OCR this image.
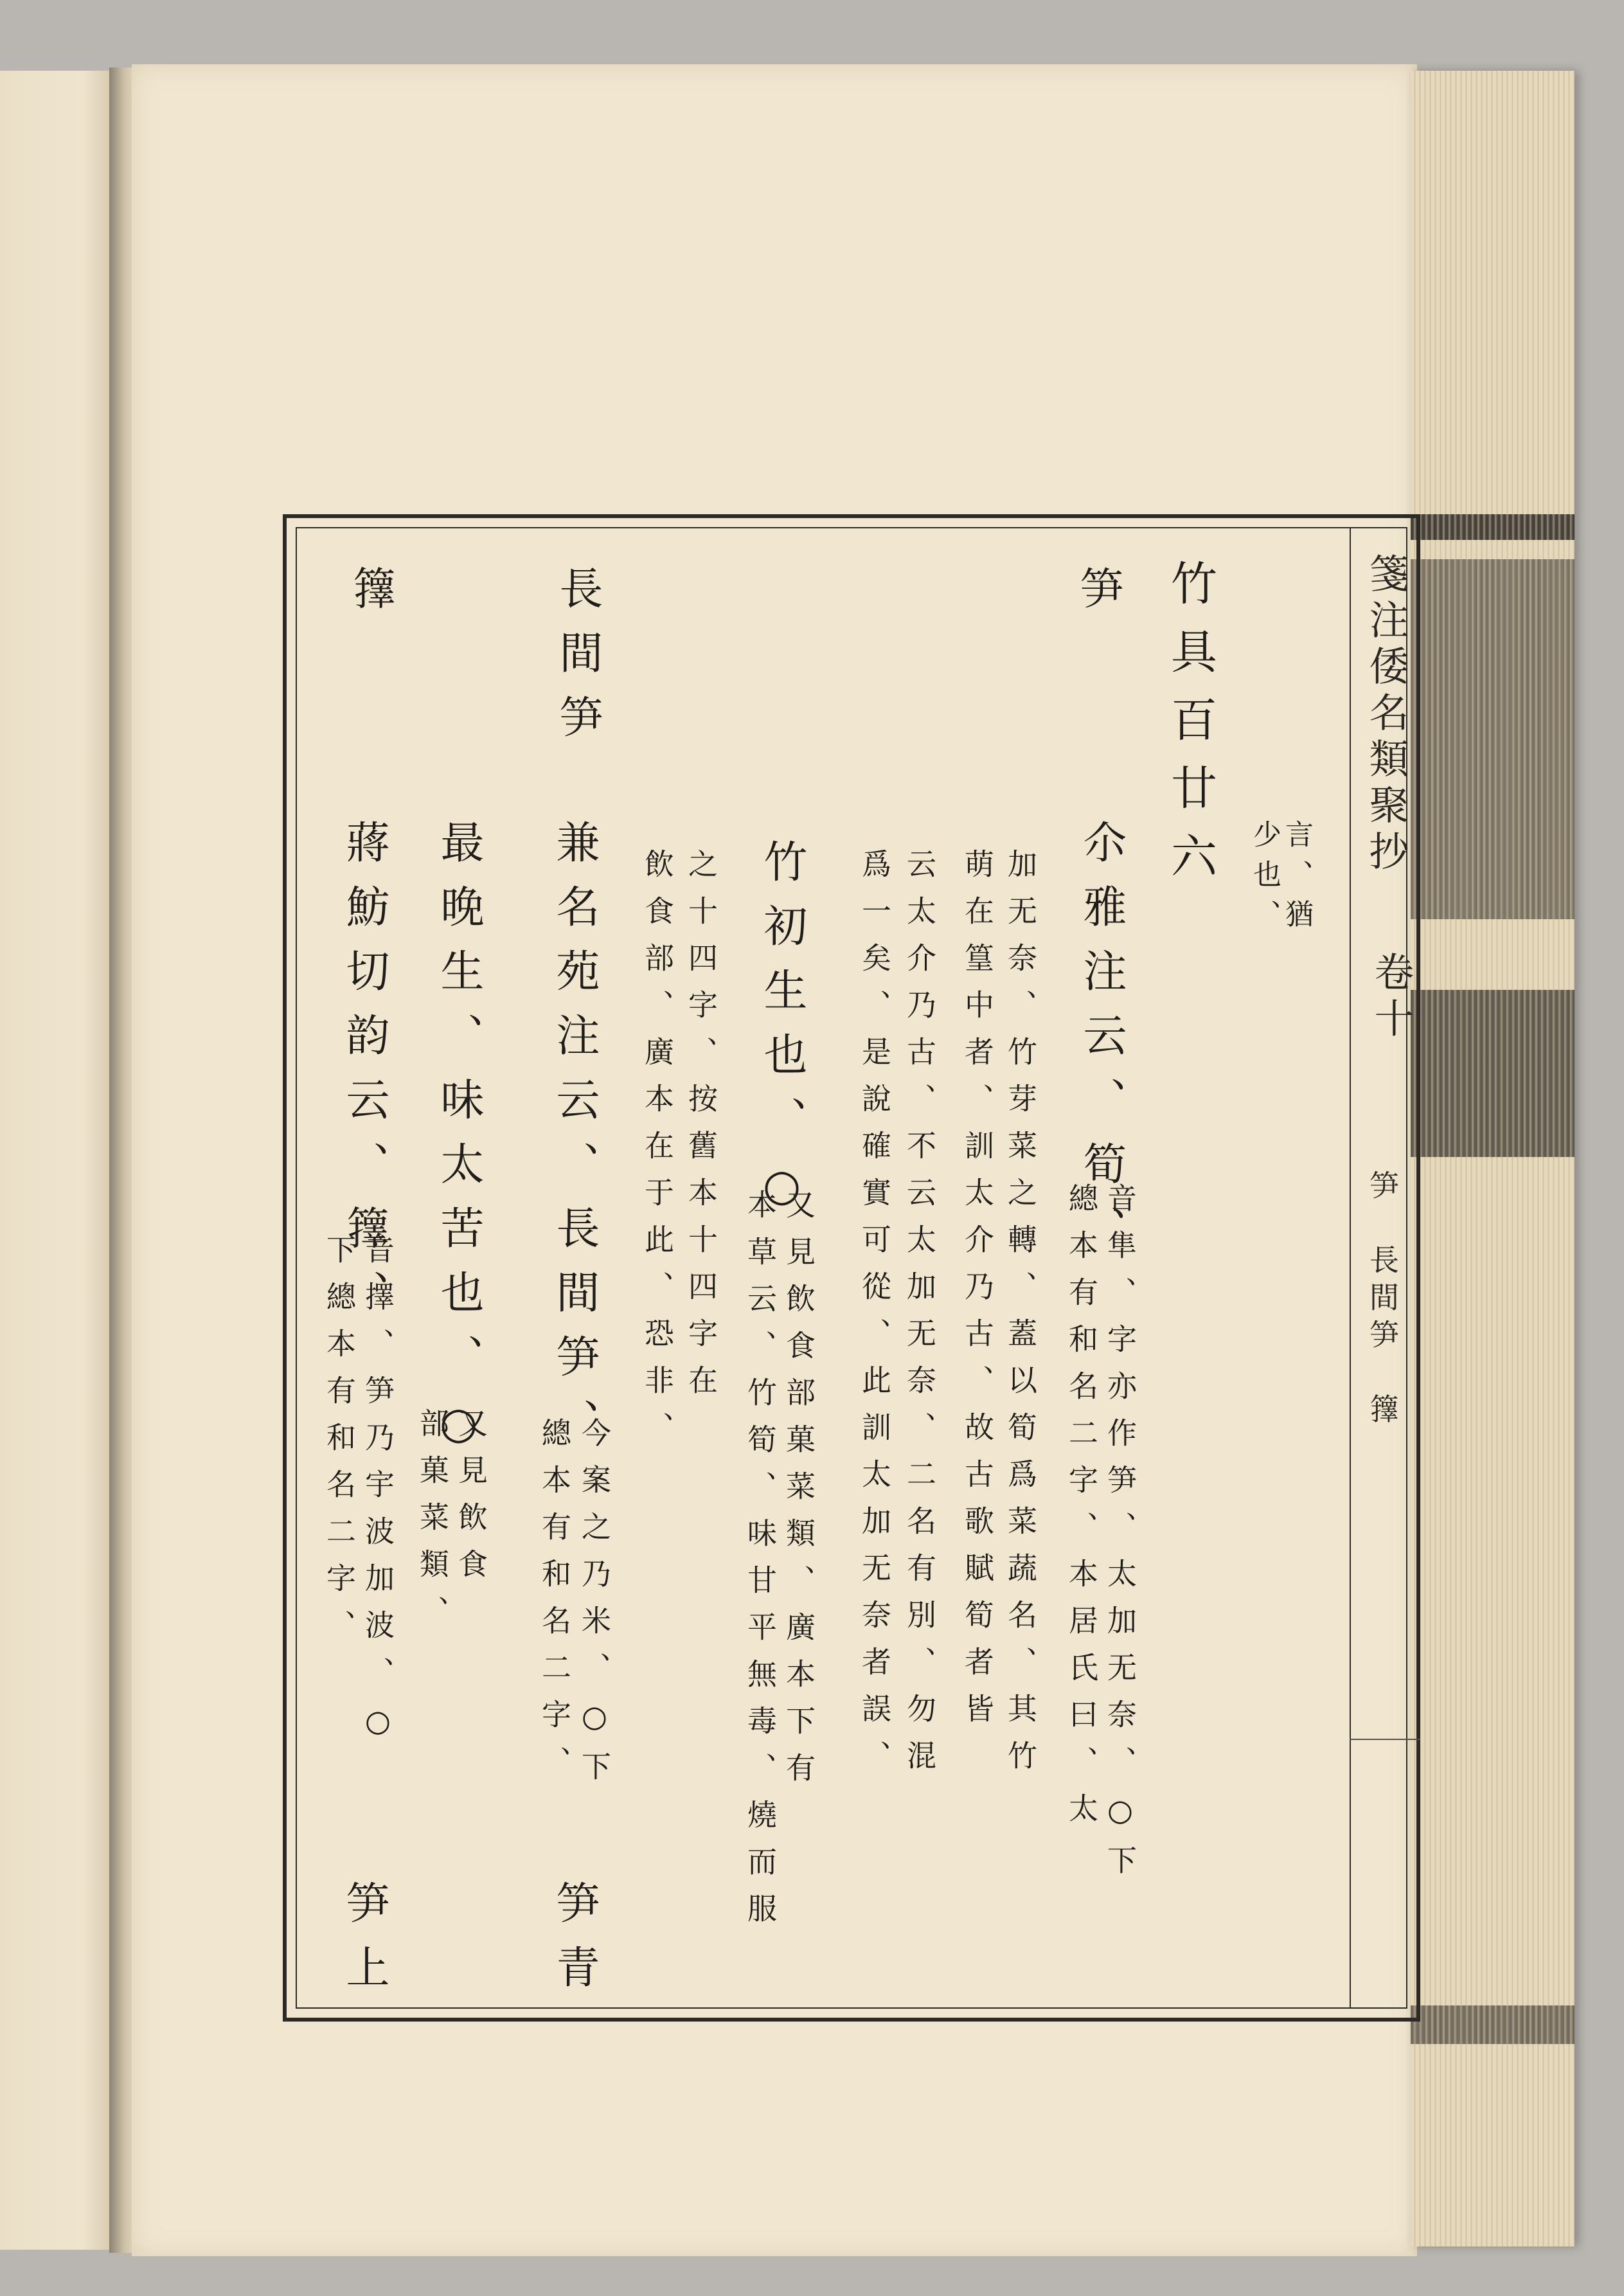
箋注倭名類聚抄
卷十
笋　長間笋　籜
竹具百廿六 言、猶
少也、
笋
尒雅注云、筍、
音隼、字亦作笋、太加无奈、○下
總本有和名二字、本居氏曰、太
加无奈、竹芽菜之轉、蓋以筍爲菜蔬名、其竹
萌在篁中者、訓太介乃古、故古歌賦筍者皆
云太介乃古、不云太加无奈、二名有別、勿混
爲一矣、是說確實可從、此訓太加无奈者誤、
竹初生也、○
又見飲食部菓菜類、廣本下有
本草云、竹筍、味甘平無毒、燒而服
之十四字、按舊本十四字在
飲食部、廣本在于此、恐非、
長間笋
兼名苑注云、長間笋、
今案之乃米、○下
總本有和名二字、
笋青
最晚生、味太苦也、○
又見飲食
部菓菜類、
籜
蔣魴切韵云、籜、
音擇、笋乃宇波加波、○
下總本有和名二字、
笋上
